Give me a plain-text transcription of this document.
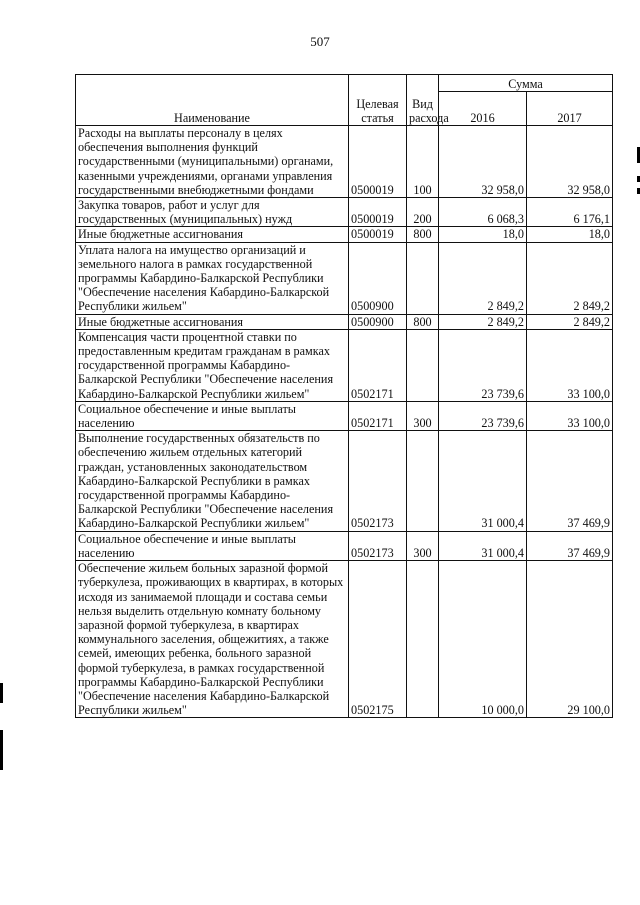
507
Наименование	Целевая статья	Вид расхода	Сумма	
			2016	2017
Расходы на выплаты персоналу в целях обеспечения выполнения функций государственными (муниципальными) органами, казенными учреждениями, органами управления государственными внебюджетными фондами	0500019	100	32 958,0	32 958,0
Закупка товаров, работ и услуг для государственных (муниципальных) нужд	0500019	200	6 068,3	6 176,1
Иные бюджетные ассигнования	0500019	800	18,0	18,0
Уплата налога на имущество организаций и земельного налога в рамках государственной программы Кабардино-Балкарской Республики "Обеспечение населения Кабардино-Балкарской Республики жильем"	0500900		2 849,2	2 849,2
Иные бюджетные ассигнования	0500900	800	2 849,2	2 849,2
Компенсация части процентной ставки по предоставленным кредитам гражданам в рамках государственной программы Кабардино-Балкарской Республики "Обеспечение населения Кабардино-Балкарской Республики жильем"	0502171		23 739,6	33 100,0
Социальное обеспечение и иные выплаты населению	0502171	300	23 739,6	33 100,0
Выполнение государственных обязательств по обеспечению жильем отдельных категорий граждан, установленных законодательством Кабардино-Балкарской Республики в рамках государственной программы Кабардино-Балкарской Республики "Обеспечение населения Кабардино-Балкарской Республики жильем"	0502173		31 000,4	37 469,9
Социальное обеспечение и иные выплаты населению	0502173	300	31 000,4	37 469,9
Обеспечение жильем больных заразной формой туберкулеза, проживающих в квартирах, в которых исходя из занимаемой площади и состава семьи нельзя выделить отдельную комнату больному заразной формой туберкулеза, в квартирах коммунального заселения, общежитиях, а также семей, имеющих ребенка, больного заразной формой туберкулеза, в рамках государственной программы Кабардино-Балкарской Республики "Обеспечение населения Кабардино-Балкарской Республики жильем"	0502175		10 000,0	29 100,0
